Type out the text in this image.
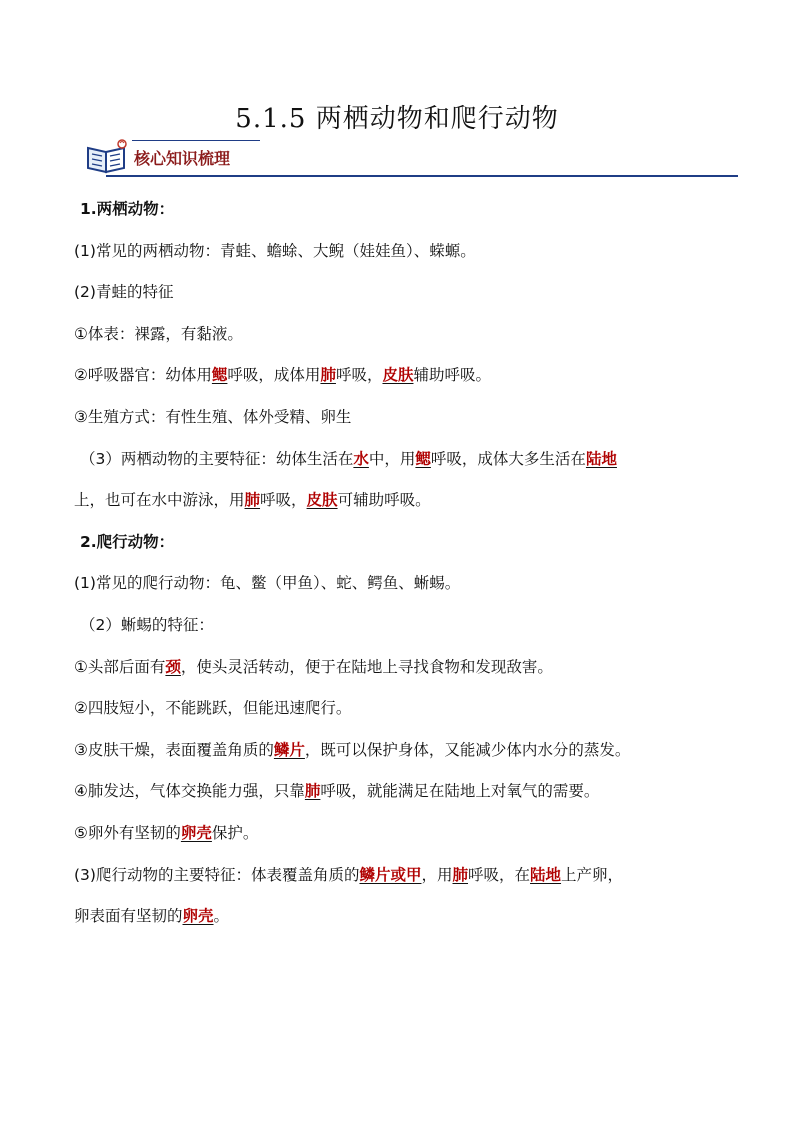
5.1.5 两栖动物和爬行动物
核心知识梳理
1.两栖动物：
(1)常见的两栖动物：青蛙、蟾蜍、大鲵（娃娃鱼）、蝾螈。
(2)青蛙的特征
①体表：裸露，有黏液。
②呼吸器官：幼体用鳃呼吸，成体用肺呼吸，皮肤辅助呼吸。
③生殖方式：有性生殖、体外受精、卵生
（3）两栖动物的主要特征：幼体生活在水中，用鳃呼吸，成体大多生活在陆地
上，也可在水中游泳，用肺呼吸，皮肤可辅助呼吸。
2.爬行动物：
(1)常见的爬行动物：龟、鳖（甲鱼）、蛇、鳄鱼、蜥蜴。
（2）蜥蜴的特征：
①头部后面有颈，使头灵活转动，便于在陆地上寻找食物和发现敌害。
②四肢短小，不能跳跃，但能迅速爬行。
③皮肤干燥，表面覆盖角质的鳞片，既可以保护身体，又能减少体内水分的蒸发。
④肺发达，气体交换能力强，只靠肺呼吸，就能满足在陆地上对氧气的需要。
⑤卵外有坚韧的卵壳保护。
(3)爬行动物的主要特征：体表覆盖角质的鳞片或甲，用肺呼吸，在陆地上产卵，
卵表面有坚韧的卵壳。
